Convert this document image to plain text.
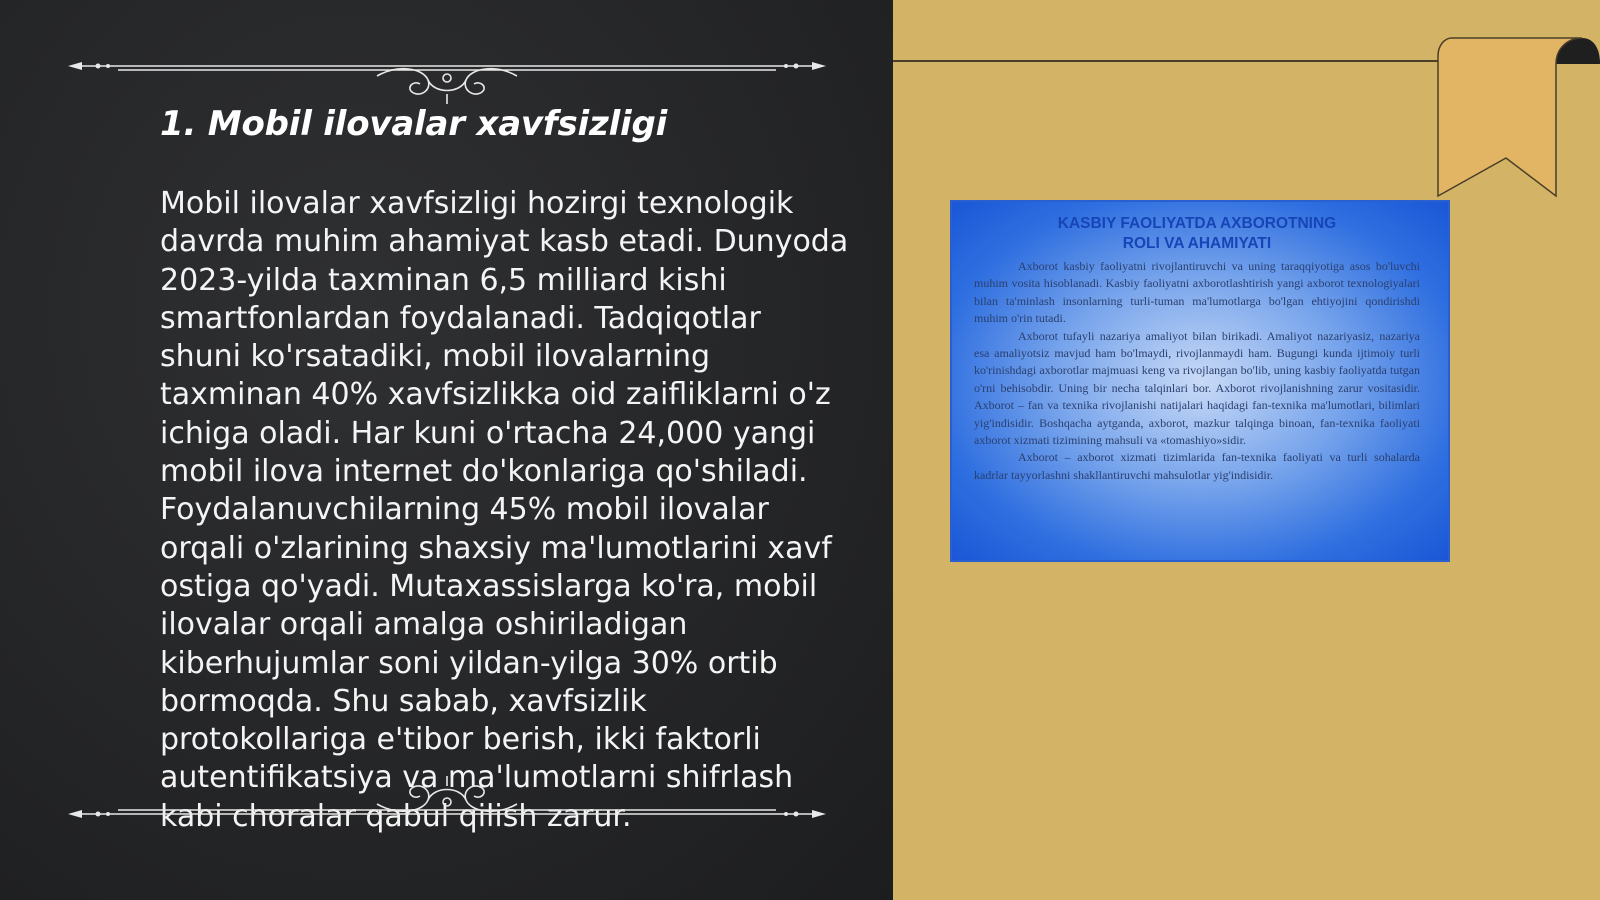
1. Mobil ilovalar xavfsizligi
Mobil ilovalar xavfsizligi hozirgi texnologik davrda muhim ahamiyat kasb etadi. Dunyoda 2023-yilda taxminan 6,5 milliard kishi smartfonlardan foydalanadi. Tadqiqotlar shuni ko'rsatadiki, mobil ilovalarning taxminan 40% xavfsizlikka oid zaifliklarni o'z ichiga oladi. Har kuni o'rtacha 24,000 yangi mobil ilova internet do'konlariga qo'shiladi. Foydalanuvchilarning 45% mobil ilovalar orqali o'zlarining shaxsiy ma'lumotlarini xavf ostiga qo'yadi. Mutaxassislarga ko'ra, mobil ilovalar orqali amalga oshiriladigan kiberhujumlar soni yildan-yilga 30% ortib bormoqda. Shu sabab, xavfsizlik protokollariga e'tibor berish, ikki faktorli autentifikatsiya va ma'lumotlarni shifrlash kabi choralar qabul qilish zarur.
KASBIY FAOLIYATDA AXBOROTNING
ROLI VA AHAMIYATI

Axborot kasbiy faoliyatni rivojlantiruvchi va uning taraqqiyotiga asos bo'luvchi muhim vosita hisoblanadi. Kasbiy faoliyatni axborotlashtirish yangi axborot texnologiyalari bilan ta'minlash insonlarning turli-tuman ma'lumotlarga bo'lgan ehtiyojini qondirishdi muhim o'rin tutadi.

Axborot tufayli nazariya amaliyot bilan birikadi. Amaliyot nazariyasiz, nazariya esa amaliyotsiz mavjud ham bo'lmaydi, rivojlanmaydi ham. Bugungi kunda ijtimoiy turli ko'rinishdagi axborotlar majmuasi keng va rivojlangan bo'lib, uning kasbiy faoliyatda tutgan o'rni behisobdir. Uning bir necha talqinlari bor. Axborot rivojlanishning zarur vositasidir. Axborot – fan va texnika rivojlanishi natijalari haqidagi fan-texnika ma'lumotlari, bilimlari yig'indisidir. Boshqacha aytganda, axborot, mazkur talqinga binoan, fan-texnika faoliyati axborot xizmati tizimining mahsuli va «tomashiyo»sidir.

Axborot – axborot xizmati tizimlarida fan-texnika faoliyati va turli sohalarda kadrlar tayyorlashni shakllantiruvchi mahsulotlar yig'indisidir.
